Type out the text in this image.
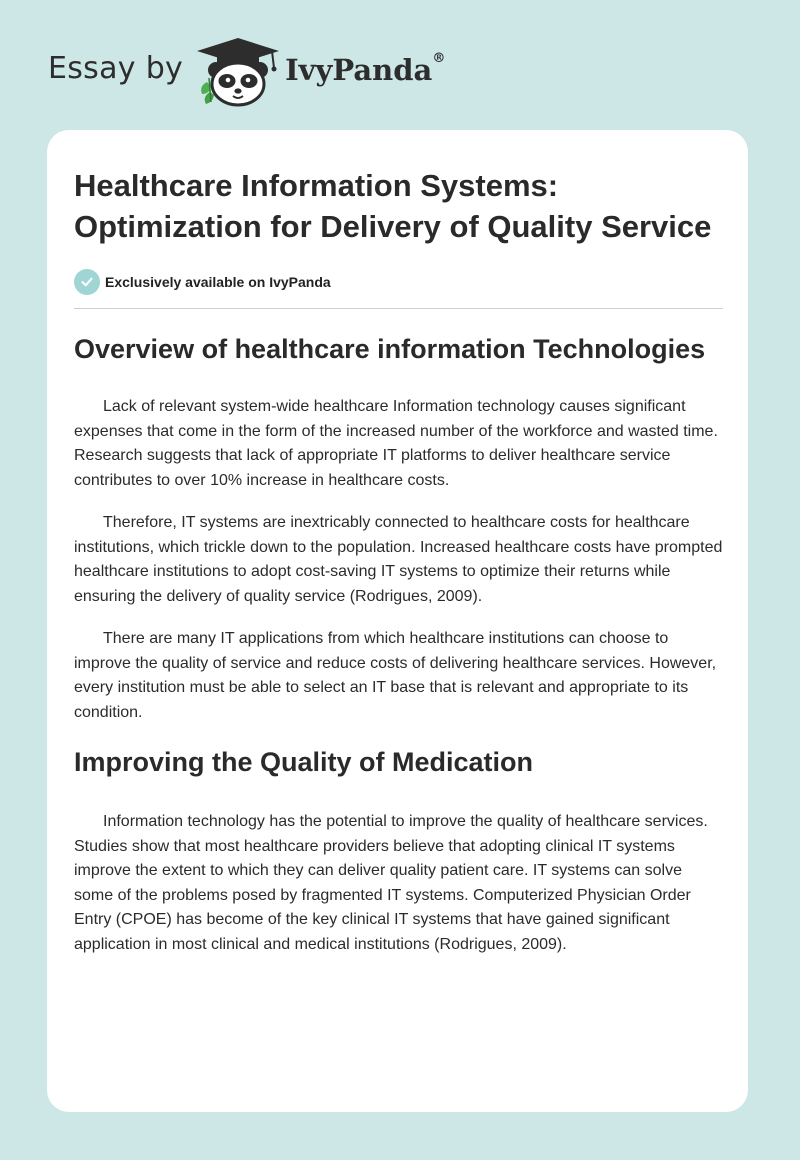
Essay by	IvyPanda®
Healthcare Information Systems: Optimization for Delivery of Quality Service
Exclusively available on IvyPanda
Overview of healthcare information Technologies

Lack of relevant system-wide healthcare Information technology causes significant expenses that come in the form of the increased number of the workforce and wasted time. Research suggests that lack of appropriate IT platforms to deliver healthcare service contributes to over 10% increase in healthcare costs.

Therefore, IT systems are inextricably connected to healthcare costs for healthcare institutions, which trickle down to the population. Increased healthcare costs have prompted healthcare institutions to adopt cost-saving IT systems to optimize their returns while ensuring the delivery of quality service (Rodrigues, 2009).

There are many IT applications from which healthcare institutions can choose to improve the quality of service and reduce costs of delivering healthcare services. However, every institution must be able to select an IT base that is relevant and appropriate to its condition.

Improving the Quality of Medication

Information technology has the potential to improve the quality of healthcare services. Studies show that most healthcare providers believe that adopting clinical IT systems improve the extent to which they can deliver quality patient care. IT systems can solve some of the problems posed by fragmented IT systems. Computerized Physician Order Entry (CPOE) has become of the key clinical IT systems that have gained significant application in most clinical and medical institutions (Rodrigues, 2009).
